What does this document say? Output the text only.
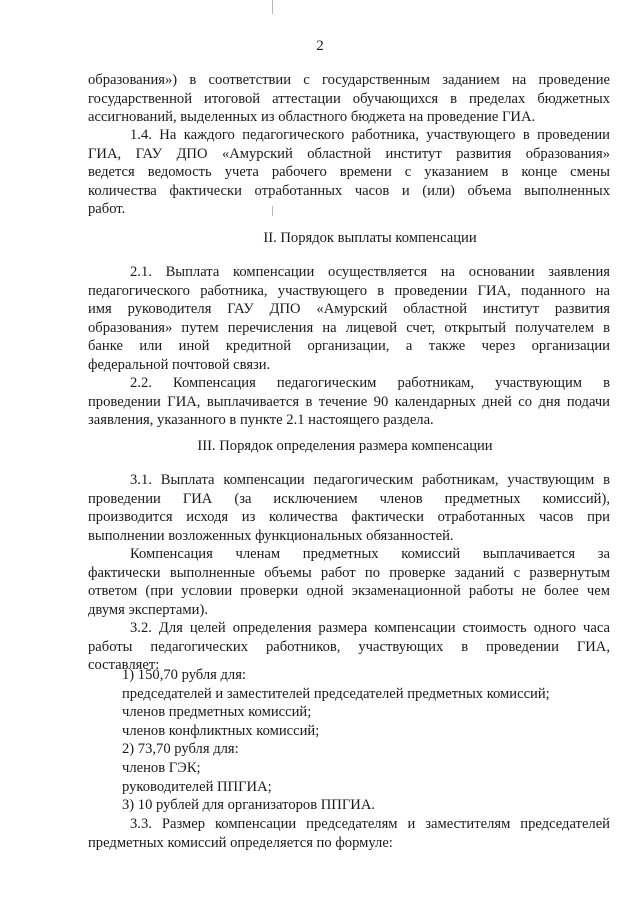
2
образования») в соответствии с государственным заданием на проведение
государственной итоговой аттестации обучающихся в пределах бюджетных
ассигнований, выделенных из областного бюджета на проведение ГИА.
1.4. На каждого педагогического работника, участвующего в проведении
ГИА, ГАУ ДПО «Амурский областной институт развития образования»
ведется ведомость учета рабочего времени с указанием в конце смены
количества фактически отработанных часов и (или) объема выполненных
работ.
II. Порядок выплаты компенсации
2.1. Выплата компенсации осуществляется на основании заявления
педагогического работника, участвующего в проведении ГИА, поданного на
имя руководителя ГАУ ДПО «Амурский областной институт развития
образования» путем перечисления на лицевой счет, открытый получателем в
банке или иной кредитной организации, а также через организации
федеральной почтовой связи.
2.2. Компенсация педагогическим работникам, участвующим в
проведении ГИА, выплачивается в течение 90 календарных дней со дня подачи
заявления, указанного в пункте 2.1 настоящего раздела.
III. Порядок определения размера компенсации
3.1. Выплата компенсации педагогическим работникам, участвующим в
проведении ГИА (за исключением членов предметных комиссий),
производится исходя из количества фактически отработанных часов при
выполнении возложенных функциональных обязанностей.
Компенсация членам предметных комиссий выплачивается за
фактически выполненные объемы работ по проверке заданий с развернутым
ответом (при условии проверки одной экзаменационной работы не более чем
двумя экспертами).
3.2. Для целей определения размера компенсации стоимость одного часа
работы педагогических работников, участвующих в проведении ГИА,
составляет:
1) 150,70 рубля для:
председателей и заместителей председателей предметных комиссий;
членов предметных комиссий;
членов конфликтных комиссий;
2) 73,70 рубля для:
членов ГЭК;
руководителей ППГИА;
3) 10 рублей для организаторов ППГИА.
3.3. Размер компенсации председателям и заместителям председателей
предметных комиссий определяется по формуле:
